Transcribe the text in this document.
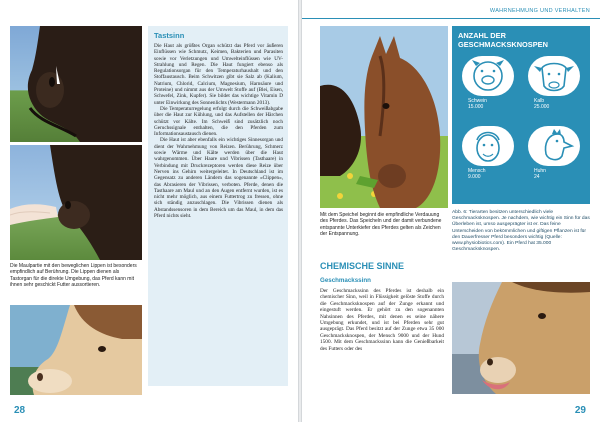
Die Maulpartie mit den beweglichen Lippen ist besonders empfindlich auf Berührung. Die Lippen dienen als Tastorgan für die direkte Umgebung, das Pferd kann mit ihnen sehr geschickt Futter aussortieren.
Tastsinn

Die Haut als größtes Organ schützt das Pferd vor äußeren Einflüssen wie Schmutz, Keimen, Bakterien und Parasiten sowie vor Verletzungen und Umwelteinflüssen wie UV-Strahlung und Regen. Die Haut fungiert ebenso als Regulationsorgan für den Temperaturhaushalt und den Stoffaustausch. Beim Schwitzen gibt sie Salz ab (Kalium, Natrium, Chlorid, Calcium, Magnesium, Harnsäure und Proteine) und nimmt aus der Umwelt Stoffe auf (Blei, Eisen, Schwefel, Zink, Kupfer). Sie bildet das wichtige Vitamin D unter Einwirkung des Sonnenlichts (Westermann 2013).

Die Temperaturregelung erfolgt durch die Schweißabgabe über die Haut zur Kühlung, und das Aufstellen der Härchen schützt vor Kälte. Im Schweiß sind zusätzlich noch Geruchssignale enthalten, die den Pferden zum Informationsaustausch dienen.

Die Haut ist aber ebenfalls ein wichtiges Sinnesorgan und dient der Wahrnehmung von Reizen. Berührung, Schmerz sowie Wärme und Kälte werden über die Haut wahrgenommen. Über Haare und Vibrissen (Tasthaare) in Verbindung mit Druckrezeptoren werden diese Reize über Nerven ins Gehirn weitergeleitet. In Deutschland ist im Gegensatz zu anderen Ländern das sogenannte »Clippen«, das Abrasieren der Vibrissen, verboten. Pferde, denen die Tasthaare am Maul und an den Augen entfernt wurden, ist es nicht mehr möglich, aus einem Futtertrog zu fressen, ohne sich ständig anzuschlagen. Die Vibrissen dienen als Abstandssensoren in dem Bereich um das Maul, in dem das Pferd nichts sieht.

28
WAHRNEHMUNG UND VERHALTEN
Mit dem Speichel beginnt die empfindliche Verdauung des Pferdes. Das Speicheln und der damit verbundene entspannte Unterkiefer des Pferdes gelten als Zeichen der Entspannung.
29
ANZAHL DER GESCHMACKSKNOSPEN
Schwein
15.000
Kalb
25.000
Mensch
9.000
Huhn
24
Abb. 6: Tierarten besitzen unterschiedlich viele Geschmacksknospen. Je nachdem, wie wichtig ein Sinn für das Überleben ist, umso ausgeprägter ist er. Das feine Unterscheiden von bekömmlichen und giftigen Pflanzen ist für den Dauerfresser Pferd besonders wichtig (Quelle: www.physiobiotics.com). Ein Pferd hat 35.000 Geschmacksknospen.
CHEMISCHE SINNE
Geschmackssinn
Der Geschmackssinn des Pferdes ist deshalb ein chemischer Sinn, weil in Flüssigkeit gelöste Stoffe durch die Geschmacksknospen auf der Zunge erkannt und eingestuft werden. Er gehört zu den sogenannten Nahsinnen des Pferdes, mit denen es seine nähere Umgebung erkundet, und ist bei Pferden sehr gut ausgeprägt. Das Pferd besitzt auf der Zunge etwa 35 000 Geschmacksknospen, der Mensch 9000 und der Hund 1500. Mit dem Geschmackssinn kann die Genießbarkeit des Futters oder des
